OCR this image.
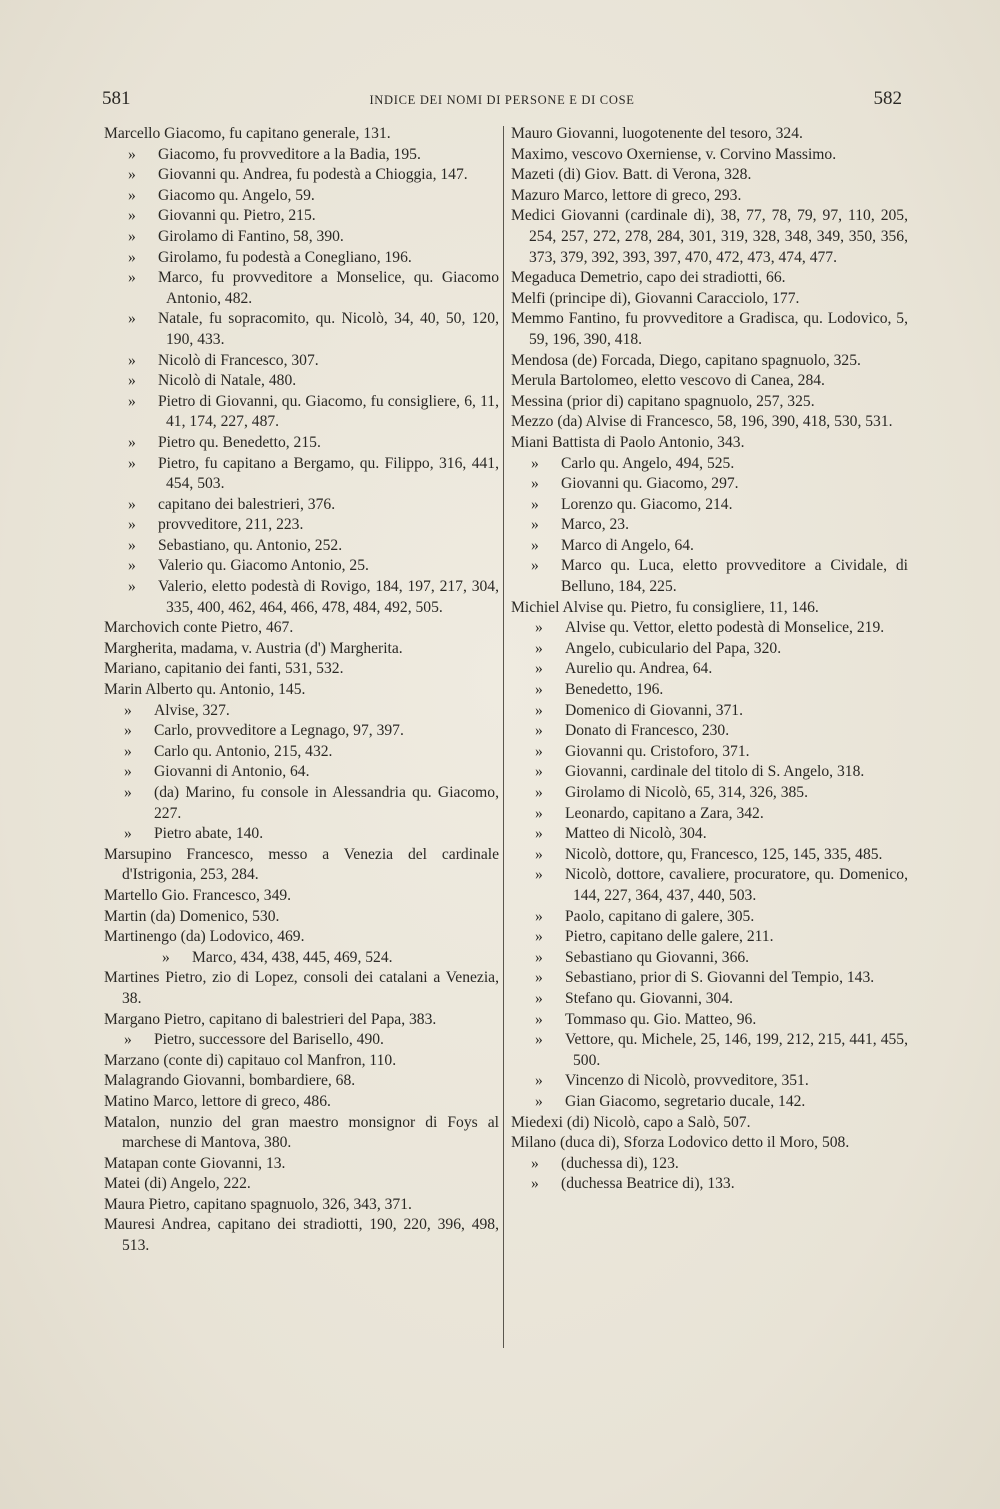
581	INDICE DEI NOMI DI PERSONE E DI COSE	582

Marcello Giacomo, fu capitano generale, 131.

» Giacomo, fu provveditore a la Badia, 195.

» Giovanni qu. Andrea, fu podestà a Chioggia, 147.

» Giacomo qu. Angelo, 59.

» Giovanni qu. Pietro, 215.

» Girolamo di Fantino, 58, 390.

» Girolamo, fu podestà a Conegliano, 196.

» Marco, fu provveditore a Monselice, qu. Giacomo Antonio, 482.

» Natale, fu sopracomito, qu. Nicolò, 34, 40, 50, 120, 190, 433.

» Nicolò di Francesco, 307.

» Nicolò di Natale, 480.

» Pietro di Giovanni, qu. Giacomo, fu consigliere, 6, 11, 41, 174, 227, 487.

» Pietro qu. Benedetto, 215.

» Pietro, fu capitano a Bergamo, qu. Filippo, 316, 441, 454, 503.

» capitano dei balestrieri, 376.

» provveditore, 211, 223.

» Sebastiano, qu. Antonio, 252.

» Valerio qu. Giacomo Antonio, 25.

» Valerio, eletto podestà di Rovigo, 184, 197, 217, 304, 335, 400, 462, 464, 466, 478, 484, 492, 505.

Marchovich conte Pietro, 467.

Margherita, madama, v. Austria (d') Margherita.

Mariano, capitanio dei fanti, 531, 532.

Marin Alberto qu. Antonio, 145.

» Alvise, 327.

» Carlo, provveditore a Legnago, 97, 397.

» Carlo qu. Antonio, 215, 432.

» Giovanni di Antonio, 64.

» (da) Marino, fu console in Alessandria qu. Giacomo, 227.

» Pietro abate, 140.

Marsupino Francesco, messo a Venezia del cardinale d'Istrigonia, 253, 284.

Martello Gio. Francesco, 349.

Martin (da) Domenico, 530.

Martinengo (da) Lodovico, 469.

» Marco, 434, 438, 445, 469, 524.

Martines Pietro, zio di Lopez, consoli dei catalani a Venezia, 38.

Margano Pietro, capitano di balestrieri del Papa, 383.

» Pietro, successore del Barisello, 490.

Marzano (conte di) capitauo col Manfron, 110.

Malagrando Giovanni, bombardiere, 68.

Matino Marco, lettore di greco, 486.

Matalon, nunzio del gran maestro monsignor di Foys al marchese di Mantova, 380.

Matapan conte Giovanni, 13.

Matei (di) Angelo, 222.

Maura Pietro, capitano spagnuolo, 326, 343, 371.

Mauresi Andrea, capitano dei stradiotti, 190, 220, 396, 498, 513.

Mauro Giovanni, luogotenente del tesoro, 324.

Maximo, vescovo Oxerniense, v. Corvino Massimo.

Mazeti (di) Giov. Batt. di Verona, 328.

Mazuro Marco, lettore di greco, 293.

Medici Giovanni (cardinale di), 38, 77, 78, 79, 97, 110, 205, 254, 257, 272, 278, 284, 301, 319, 328, 348, 349, 350, 356, 373, 379, 392, 393, 397, 470, 472, 473, 474, 477.

Megaduca Demetrio, capo dei stradiotti, 66.

Melfi (principe di), Giovanni Caracciolo, 177.

Memmo Fantino, fu provveditore a Gradisca, qu. Lodovico, 5, 59, 196, 390, 418.

Mendosa (de) Forcada, Diego, capitano spagnuolo, 325.

Merula Bartolomeo, eletto vescovo di Canea, 284.

Messina (prior di) capitano spagnuolo, 257, 325.

Mezzo (da) Alvise di Francesco, 58, 196, 390, 418, 530, 531.

Miani Battista di Paolo Antonio, 343.

» Carlo qu. Angelo, 494, 525.

» Giovanni qu. Giacomo, 297.

» Lorenzo qu. Giacomo, 214.

» Marco, 23.

» Marco di Angelo, 64.

» Marco qu. Luca, eletto provveditore a Cividale, di Belluno, 184, 225.

Michiel Alvise qu. Pietro, fu consigliere, 11, 146.

» Alvise qu. Vettor, eletto podestà di Monselice, 219.

» Angelo, cubiculario del Papa, 320.

» Aurelio qu. Andrea, 64.

» Benedetto, 196.

» Domenico di Giovanni, 371.

» Donato di Francesco, 230.

» Giovanni qu. Cristoforo, 371.

» Giovanni, cardinale del titolo di S. Angelo, 318.

» Girolamo di Nicolò, 65, 314, 326, 385.

» Leonardo, capitano a Zara, 342.

» Matteo di Nicolò, 304.

» Nicolò, dottore, qu, Francesco, 125, 145, 335, 485.

» Nicolò, dottore, cavaliere, procuratore, qu. Domenico, 144, 227, 364, 437, 440, 503.

» Paolo, capitano di galere, 305.

» Pietro, capitano delle galere, 211.

» Sebastiano qu Giovanni, 366.

» Sebastiano, prior di S. Giovanni del Tempio, 143.

» Stefano qu. Giovanni, 304.

» Tommaso qu. Gio. Matteo, 96.

» Vettore, qu. Michele, 25, 146, 199, 212, 215, 441, 455, 500.

» Vincenzo di Nicolò, provveditore, 351.

» Gian Giacomo, segretario ducale, 142.

Miedexi (di) Nicolò, capo a Salò, 507.

Milano (duca di), Sforza Lodovico detto il Moro, 508.

» (duchessa di), 123.

» (duchessa Beatrice di), 133.
